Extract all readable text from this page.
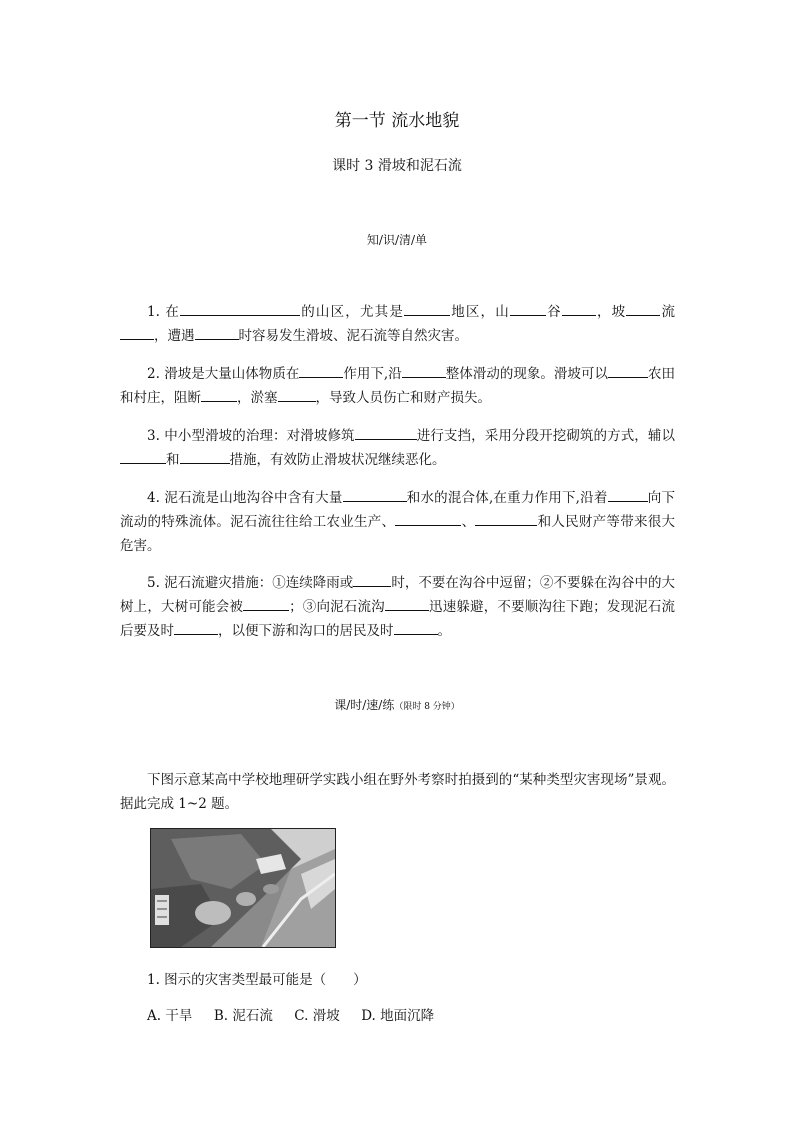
第一节 流水地貌
课时 3 滑坡和泥石流
知/识/清/单

1. 在	的山区，尤其是	地区，山	谷	，坡	流，遭遇	时容易发生滑坡、泥石流等自然灾害。

2. 滑坡是大量山体物质在	作用下,沿	整体滑动的现象。滑坡可以	农田和村庄，阻断	，淤塞	，导致人员伤亡和财产损失。

3. 中小型滑坡的治理：对滑坡修筑	进行支挡，采用分段开挖砌筑的方式，辅以和	措施，有效防止滑坡状况继续恶化。

4. 泥石流是山地沟谷中含有大量	和水的混合体,在重力作用下,沿着	向下流动的特殊流体。泥石流往往给工农业生产、	、	和人民财产等带来很大危害。

5. 泥石流避灾措施：①连续降雨或	时，不要在沟谷中逗留；②不要躲在沟谷中的大树上，大树可能会被	；③向泥石流沟	迅速躲避，不要顺沟往下跑；发现泥石流后要及时	，以便下游和沟口的居民及时	。

课/时/速/练（限时 8 分钟）

下图示意某高中学校地理研学实践小组在野外考察时拍摄到的“某种类型灾害现场”景观。据此完成 1~2 题。

1. 图示的灾害类型最可能是（　　）
A. 干旱 B. 泥石流 C. 滑坡 D. 地面沉降
